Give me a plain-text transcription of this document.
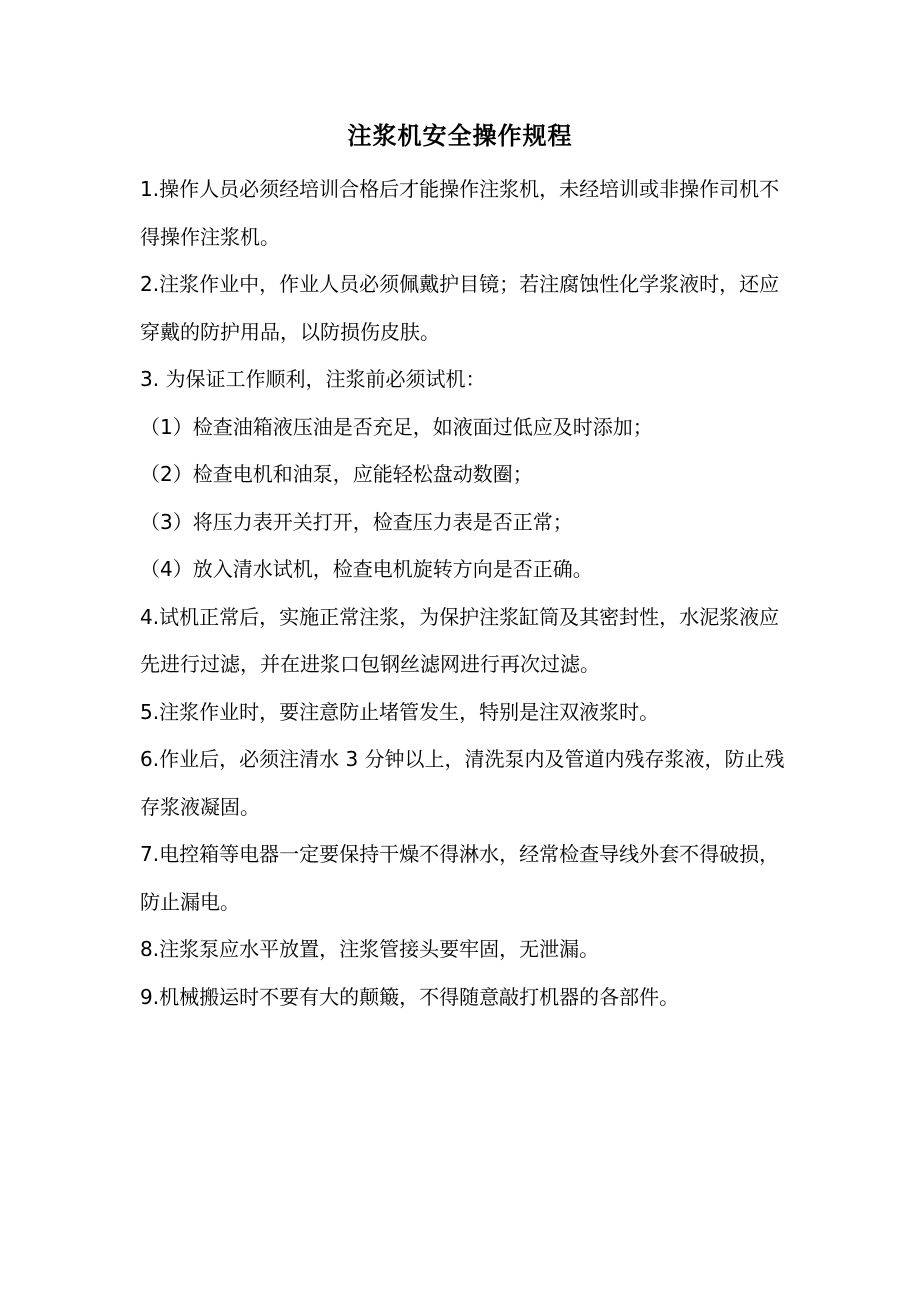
注浆机安全操作规程

1.操作人员必须经培训合格后才能操作注浆机，未经培训或非操作司机不得操作注浆机。

2.注浆作业中，作业人员必须佩戴护目镜；若注腐蚀性化学浆液时，还应穿戴的防护用品，以防损伤皮肤。

3. 为保证工作顺利，注浆前必须试机：

（1）检查油箱液压油是否充足，如液面过低应及时添加；

（2）检查电机和油泵，应能轻松盘动数圈；

（3）将压力表开关打开，检查压力表是否正常；

（4）放入清水试机，检查电机旋转方向是否正确。

4.试机正常后，实施正常注浆，为保护注浆缸筒及其密封性，水泥浆液应先进行过滤，并在进浆口包钢丝滤网进行再次过滤。

5.注浆作业时，要注意防止堵管发生，特别是注双液浆时。

6.作业后，必须注清水 3 分钟以上，清洗泵内及管道内残存浆液，防止残存浆液凝固。

7.电控箱等电器一定要保持干燥不得淋水，经常检查导线外套不得破损，防止漏电。

8.注浆泵应水平放置，注浆管接头要牢固，无泄漏。

9.机械搬运时不要有大的颠簸，不得随意敲打机器的各部件。
